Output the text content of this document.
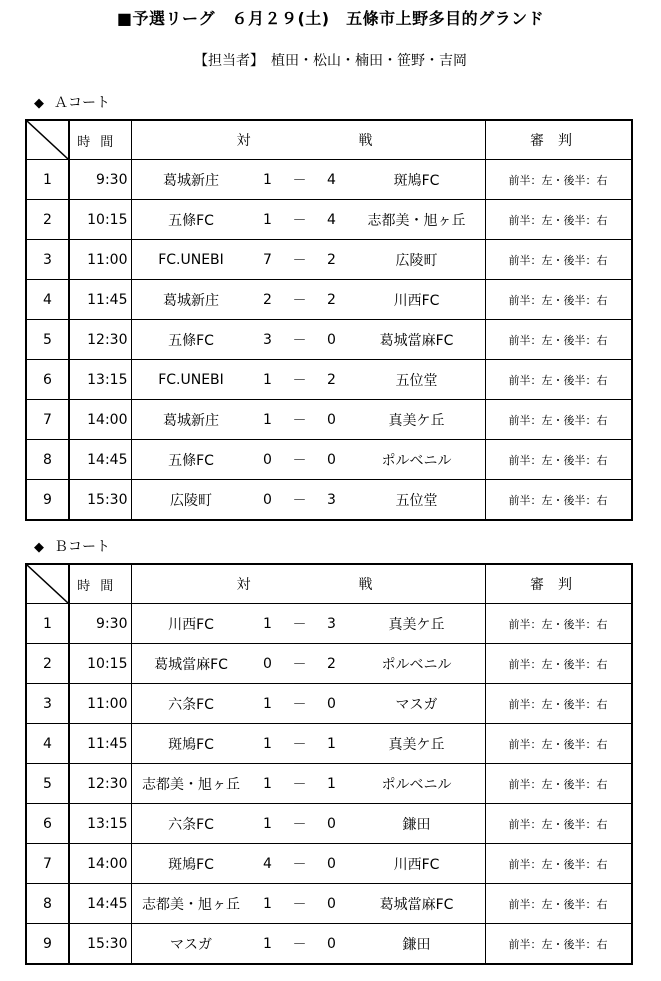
■予選リーグ　６月２９(土)　五條市上野多目的グランド
【担当者】　植田・松山・楠田・笹野・吉岡
◆ Ａコート
	時間	対				戦	審判
1	9:30	葛城新庄	1	－	4	斑鳩FC	前半：左・後半：右
2	10:15	五條FC	1	－	4	志都美・旭ヶ丘	前半：左・後半：右
3	11:00	FC.UNEBI	7	－	2	広陵町	前半：左・後半：右
4	11:45	葛城新庄	2	－	2	川西FC	前半：左・後半：右
5	12:30	五條FC	3	－	0	葛城當麻FC	前半：左・後半：右
6	13:15	FC.UNEBI	1	－	2	五位堂	前半：左・後半：右
7	14:00	葛城新庄	1	－	0	真美ケ丘	前半：左・後半：右
8	14:45	五條FC	0	－	0	ポルベニル	前半：左・後半：右
9	15:30	広陵町	0	－	3	五位堂	前半：左・後半：右
◆ Ｂコート
	時間	対				戦	審判
1	9:30	川西FC	1	－	3	真美ケ丘	前半：左・後半：右
2	10:15	葛城當麻FC	0	－	2	ポルベニル	前半：左・後半：右
3	11:00	六条FC	1	－	0	マスガ	前半：左・後半：右
4	11:45	斑鳩FC	1	－	1	真美ケ丘	前半：左・後半：右
5	12:30	志都美・旭ヶ丘	1	－	1	ポルベニル	前半：左・後半：右
6	13:15	六条FC	1	－	0	鎌田	前半：左・後半：右
7	14:00	斑鳩FC	4	－	0	川西FC	前半：左・後半：右
8	14:45	志都美・旭ヶ丘	1	－	0	葛城當麻FC	前半：左・後半：右
9	15:30	マスガ	1	－	0	鎌田	前半：左・後半：右
